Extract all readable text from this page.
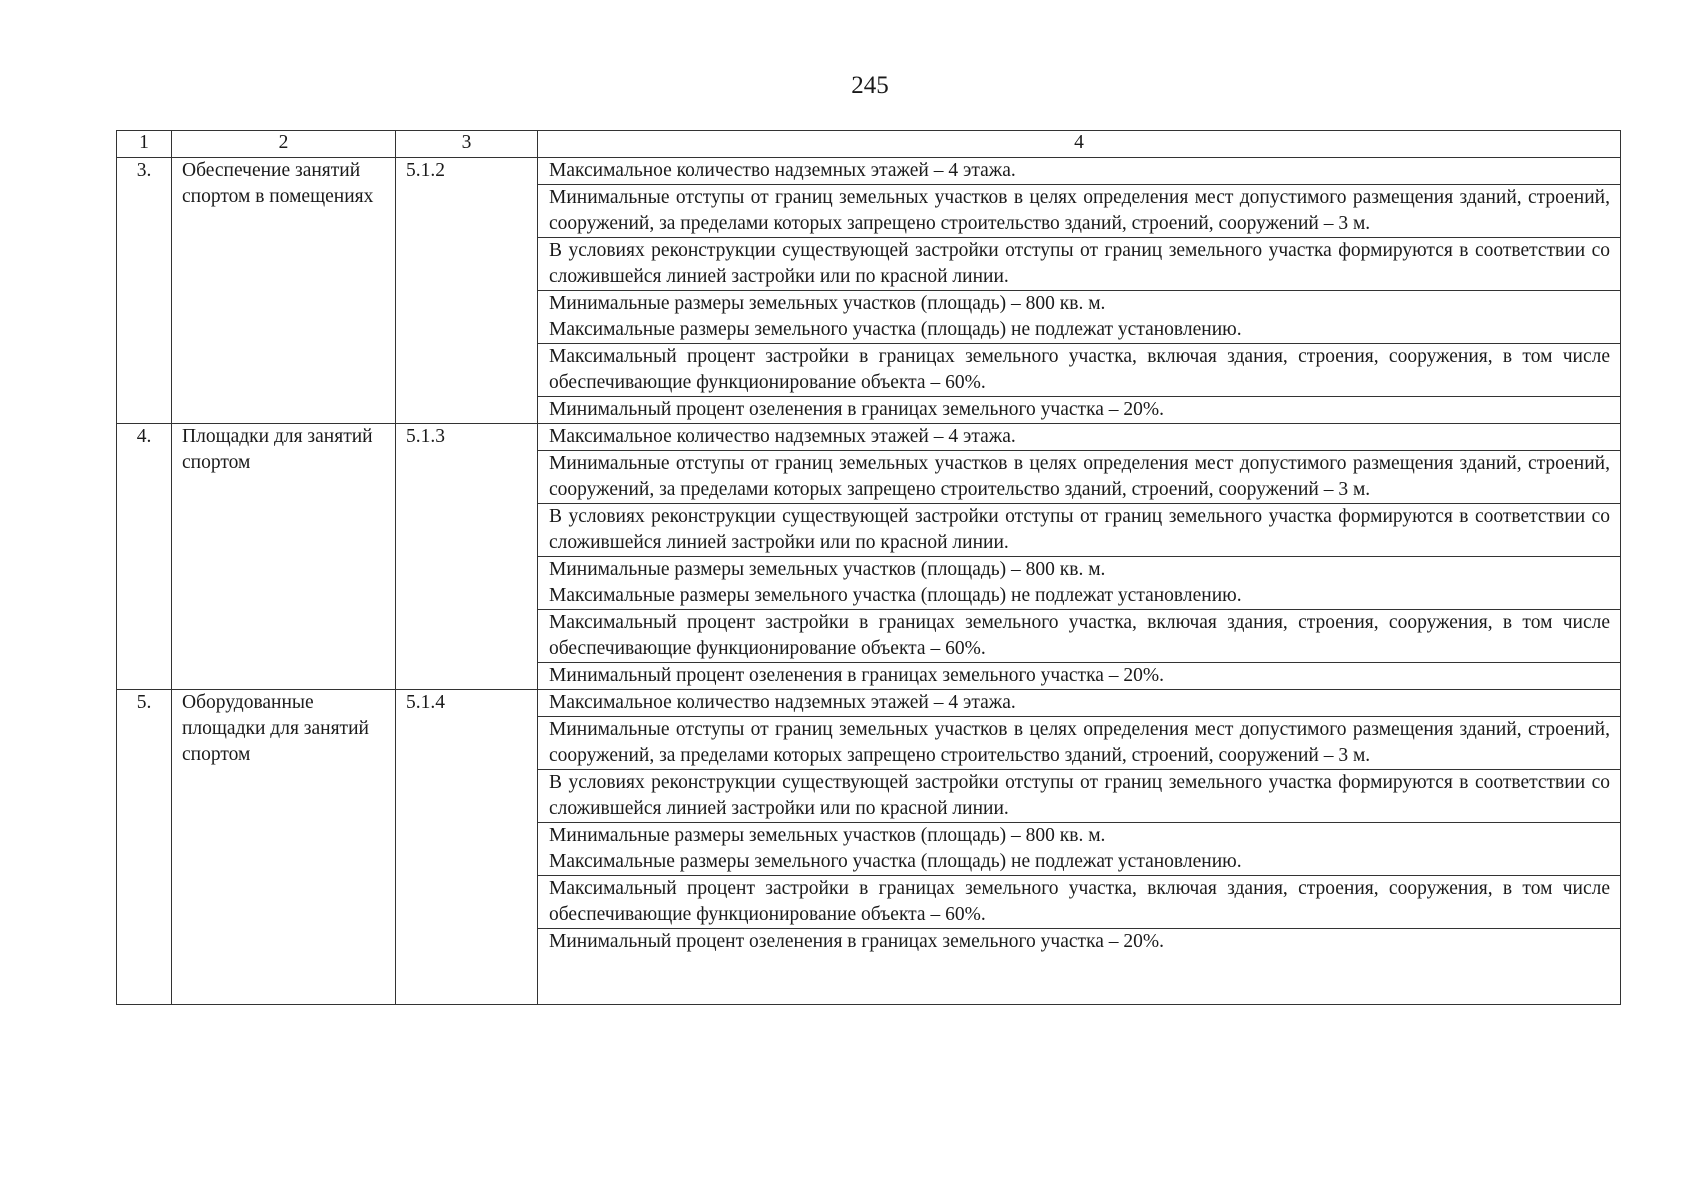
245
1	2	3	4
3.	Обеспечение занятий спортом в помещениях	5.1.2	Максимальное количество надземных этажей – 4 этажа.
			Минимальные отступы от границ земельных участков в целях определения мест допустимого размещения зданий, строений, сооружений, за пределами которых запрещено строительство зданий, строений, сооружений – 3 м.
			В условиях реконструкции существующей застройки отступы от границ земельного участка формируются в соответствии со сложившейся линией застройки или по красной линии.
			Минимальные размеры земельных участков (площадь) – 800 кв. м.
Максимальные размеры земельного участка (площадь) не подлежат установлению.
			Максимальный процент застройки в границах земельного участка, включая здания, строения, сооружения, в том числе обеспечивающие функционирование объекта – 60%.
			Минимальный процент озеленения в границах земельного участка – 20%.
4.	Площадки для занятий спортом	5.1.3	Максимальное количество надземных этажей – 4 этажа.
			Минимальные отступы от границ земельных участков в целях определения мест допустимого размещения зданий, строений, сооружений, за пределами которых запрещено строительство зданий, строений, сооружений – 3 м.
			В условиях реконструкции существующей застройки отступы от границ земельного участка формируются в соответствии со сложившейся линией застройки или по красной линии.
			Минимальные размеры земельных участков (площадь) – 800 кв. м.
Максимальные размеры земельного участка (площадь) не подлежат установлению.
			Максимальный процент застройки в границах земельного участка, включая здания, строения, сооружения, в том числе обеспечивающие функционирование объекта – 60%.
			Минимальный процент озеленения в границах земельного участка – 20%.
5.	Оборудованные площадки для занятий спортом	5.1.4	Максимальное количество надземных этажей – 4 этажа.
			Минимальные отступы от границ земельных участков в целях определения мест допустимого размещения зданий, строений, сооружений, за пределами которых запрещено строительство зданий, строений, сооружений – 3 м.
			В условиях реконструкции существующей застройки отступы от границ земельного участка формируются в соответствии со сложившейся линией застройки или по красной линии.
			Минимальные размеры земельных участков (площадь) – 800 кв. м.
Максимальные размеры земельного участка (площадь) не подлежат установлению.
			Максимальный процент застройки в границах земельного участка, включая здания, строения, сооружения, в том числе обеспечивающие функционирование объекта – 60%.
			Минимальный процент озеленения в границах земельного участка – 20%.
